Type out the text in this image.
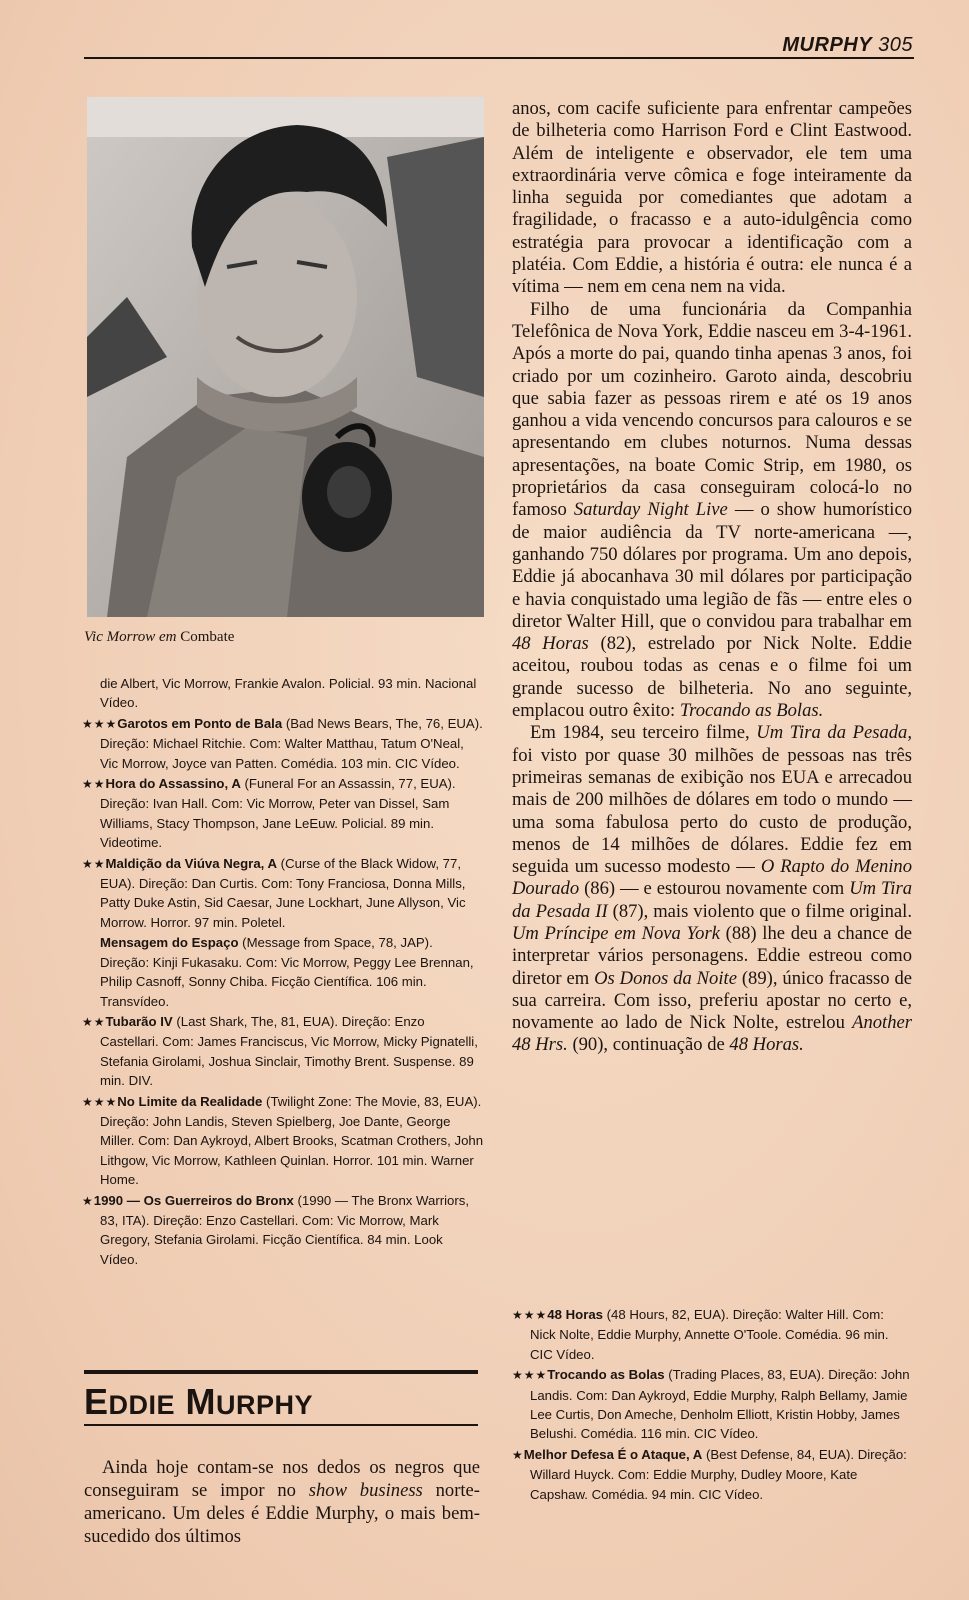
MURPHY 305
Vic Morrow em Combate
die Albert, Vic Morrow, Frankie Avalon. Policial. 93 min. Nacional Vídeo.
★★★Garotos em Ponto de Bala (Bad News Bears, The, 76, EUA). Direção: Michael Ritchie. Com: Walter Matthau, Tatum O'Neal, Vic Morrow, Joyce van Patten. Comédia. 103 min. CIC Vídeo.
★★Hora do Assassino, A (Funeral For an Assassin, 77, EUA). Direção: Ivan Hall. Com: Vic Morrow, Peter van Dissel, Sam Williams, Stacy Thompson, Jane LeEuw. Policial. 89 min. Videotime.
★★Maldição da Viúva Negra, A (Curse of the Black Widow, 77, EUA). Direção: Dan Curtis. Com: Tony Franciosa, Donna Mills, Patty Duke Astin, Sid Caesar, June Lockhart, June Allyson, Vic Morrow. Horror. 97 min. Poletel.
Mensagem do Espaço (Message from Space, 78, JAP). Direção: Kinji Fukasaku. Com: Vic Morrow, Peggy Lee Brennan, Philip Casnoff, Sonny Chiba. Ficção Científica. 106 min. Transvídeo.
★★Tubarão IV (Last Shark, The, 81, EUA). Direção: Enzo Castellari. Com: James Franciscus, Vic Morrow, Micky Pignatelli, Stefania Girolami, Joshua Sinclair, Timothy Brent. Suspense. 89 min. DIV.
★★★No Limite da Realidade (Twilight Zone: The Movie, 83, EUA). Direção: John Landis, Steven Spielberg, Joe Dante, George Miller. Com: Dan Aykroyd, Albert Brooks, Scatman Crothers, John Lithgow, Vic Morrow, Kathleen Quinlan. Horror. 101 min. Warner Home.
★1990 — Os Guerreiros do Bronx (1990 — The Bronx Warriors, 83, ITA). Direção: Enzo Castellari. Com: Vic Morrow, Mark Gregory, Stefania Girolami. Ficção Científica. 84 min. Look Vídeo.
EDDIE MURPHY
Ainda hoje contam-se nos dedos os negros que conseguiram se impor no show business norte-americano. Um deles é Eddie Murphy, o mais bem-sucedido dos últimos

anos, com cacife suficiente para enfrentar campeões de bilheteria como Harrison Ford e Clint Eastwood. Além de inteligente e observador, ele tem uma extraordinária verve cômica e foge inteiramente da linha seguida por comediantes que adotam a fragilidade, o fracasso e a auto-idulgência como estratégia para provocar a identificação com a platéia. Com Eddie, a história é outra: ele nunca é a vítima — nem em cena nem na vida.

Filho de uma funcionária da Companhia Telefônica de Nova York, Eddie nasceu em 3-4-1961. Após a morte do pai, quando tinha apenas 3 anos, foi criado por um cozinheiro. Garoto ainda, descobriu que sabia fazer as pessoas rirem e até os 19 anos ganhou a vida vencendo concursos para calouros e se apresentando em clubes noturnos. Numa dessas apresentações, na boate Comic Strip, em 1980, os proprietários da casa conseguiram colocá-lo no famoso Saturday Night Live — o show humorístico de maior audiência da TV norte-americana —, ganhando 750 dólares por programa. Um ano depois, Eddie já abocanhava 30 mil dólares por participação e havia conquistado uma legião de fãs — entre eles o diretor Walter Hill, que o convidou para trabalhar em 48 Horas (82), estrelado por Nick Nolte. Eddie aceitou, roubou todas as cenas e o filme foi um grande sucesso de bilheteria. No ano seguinte, emplacou outro êxito: Trocando as Bolas.

Em 1984, seu terceiro filme, Um Tira da Pesada, foi visto por quase 30 milhões de pessoas nas três primeiras semanas de exibição nos EUA e arrecadou mais de 200 milhões de dólares em todo o mundo — uma soma fabulosa perto do custo de produção, menos de 14 milhões de dólares. Eddie fez em seguida um sucesso modesto — O Rapto do Menino Dourado (86) — e estourou novamente com Um Tira da Pesada II (87), mais violento que o filme original. Um Príncipe em Nova York (88) lhe deu a chance de interpretar vários personagens. Eddie estreou como diretor em Os Donos da Noite (89), único fracasso de sua carreira. Com isso, preferiu apostar no certo e, novamente ao lado de Nick Nolte, estrelou Another 48 Hrs. (90), continuação de 48 Horas.

★★★48 Horas (48 Hours, 82, EUA). Direção: Walter Hill. Com: Nick Nolte, Eddie Murphy, Annette O'Toole. Comédia. 96 min. CIC Vídeo.
★★★Trocando as Bolas (Trading Places, 83, EUA). Direção: John Landis. Com: Dan Aykroyd, Eddie Murphy, Ralph Bellamy, Jamie Lee Curtis, Don Ameche, Denholm Elliott, Kristin Hobby, James Belushi. Comédia. 116 min. CIC Vídeo.
★Melhor Defesa É o Ataque, A (Best Defense, 84, EUA). Direção: Willard Huyck. Com: Eddie Murphy, Dudley Moore, Kate Capshaw. Comédia. 94 min. CIC Vídeo.
